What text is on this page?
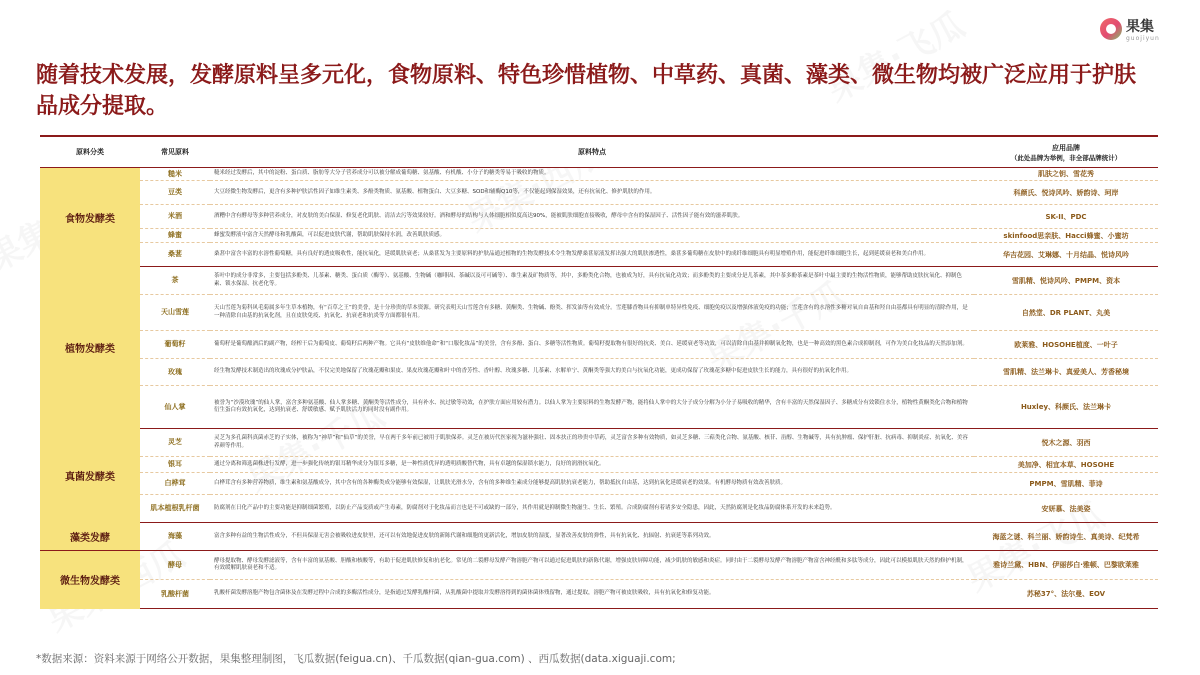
果集
guojiyun
随着技术发展，发酵原料呈多元化，食物原料、特色珍惜植物、中草药、真菌、藻类、微生物均被广泛应用于护肤品成分提取。
原料分类	常见原料	原料特点	应用品牌
（此处品牌为举例，非全部品牌统计）

食物发酵类	糙米	糙米经过发酵后，其中的淀粉、蛋白质、脂肪等大分子营养成分可以被分解成葡萄糖、氨基酸、有机酸、小分子的糖类等易于吸收的物质。	肌肤之钥、雪花秀
	豆类	大豆经微生物发酵后，更含有多种护肤活性因子如维生素类、多酚类物质、氨基酸、植物蛋白、大豆多糖、SOD和辅酶Q10等，不仅能起到保湿效果，还有抗氧化、修护肌肤的作用。	科颜氏、悦诗风吟、娇韵诗、珂岸
	米酒	酒糟中含有酵母等多种营养成分，对皮肤的美白保湿、修复老化肌肤、清洁去污等效果较好。酒和酵母的结构与人体细胞相似度高达90%，能被肌肤细胞直接吸收，酵母中含有的保湿因子、活性因子能有效的滋养肌肤。	SK-II、PDC
	蜂蜜	蜂蜜发酵液中富含天然酵母和乳酸菌，可以促进皮肤代谢，帮助肌肤保持水润，改善肌肤质感。	skinfood思亲肤、Hacci蜂蜜、小蜜坊
	桑葚	桑葚中富含丰富的水溶性葡萄糖，具有良好的透皮吸收性，能抗氧化，延缓肌肤衰老；从桑葚发为主要原料的护肤品通过植物的生物发酵技术令生物发酵桑葚原液发挥出强大的肌肤渗透性，桑葚多葡萄糖在皮肤中的成纤维细胞具有明显增殖作用，能促进纤维细胞生长，起到延缓衰老和美白作用。	华吉花园、艾琳娜、十月结晶、悦诗风吟
植物发酵类	茶	茶叶中的成分非常多，主要包括多酚类、儿茶素、糖类、蛋白质（酶等）、氨基酸、生物碱（咖啡因、茶碱以及可可碱等）、维生素及矿物质等，其中，多酚类化合物，也被成为好，具有抗氧化功效；而多酚类的主要成分是儿茶素，其中茶多酚茶素是茶叶中最主要的生物活性物质，能够帮助皮肤抗氧化、抑制色素、锁水保湿、抗老化等。	雪肌精、悦诗风吟、PMPM、资本
	天山雪莲	天山雪莲为菊科风毛菊属多年生草本植物，有“百草之王”的美誉，是十分珍贵的草本资源。研究表明天山雪莲含有多糖、黄酮类、生物碱、酚类、挥发油等有效成分。雪莲膝香物具有抑制单特异性免疫、细胞免疫以及增强体液免疫的功能；雪莲含有的水溶性多糖对氧自由基和羟自由基都具有明显的清除作用，是一种清除自由基的抗氧化剂，且在皮肤免疫、抗氧化、抗衰老和抗炎等方面都很有用。	自然堂、DR PLANT、丸美
	葡萄籽	葡萄籽是葡萄酿酒后的副产物，经榨干后为葡萄皮、葡萄籽后两种产物。它具有“皮肤维他命”和“口服化妆品”的美誉，含有多酚、蛋白、多糖等活性物质。葡萄籽提取物有很好的抗炎、美白、延缓衰老等功效，可以清除自由基并抑制氧化物，也是一种高效的黑色素合成抑制剂，可作为美白化妆品的天然添加剂。	欧莱雅、HOSOHE植度、一叶子
	玫瑰	经生物发酵技术制造出的玫瑰成分护肤品，不仅完美地保留了玫瑰花瓣和果皮、果皮玫瑰花瓣和叶中的香芳性、香叶醇、玫瑰多糖、儿茶素、水解单宁、黄酮类等强大的美白与抗氧化功能，更成功保留了玫瑰花多糖中促进皮肤生长的能力，具有很好的抗氧化作用。	雪肌精、法兰琳卡、真爱美人、芳香秘境
	仙人掌	被誉为“沙漠玫瑰”的仙人掌，富含多种氨基酸、仙人掌多糖、黄酮类等活性成分，具有补水、抗过敏等功效，在护肤方面应用较有潜力。以仙人掌为主要原料的生物发酵产物，能将仙人掌中的大分子成分分解为小分子易吸收的精华，含有丰富的天然保湿因子、多糖成分有效锁住水分，植物性黄酮类化合物和植物衍生蛋白有效抗氧化，达到抗衰老、舒缓敏感、赋予肌肤活力的同时没有副作用。	Huxley、科颜氏、法兰琳卡
真菌发酵类	灵芝	灵芝为多孔菌科真菌赤芝的子实体，被称为“神草”和“仙草”的美誉，早在两千多年前已被用于肌肤保养。灵芝在被历代医家视为滋补强壮、固本扶正的珍贵中草药，灵芝富含多种有效物质，如灵芝多糖、三萜类化合物、氨基酸、核苷、甾醇、生物碱等，具有抗肿瘤、保护肝脏、抗病毒、抑制炎症、抗氧化、美容养颜等作用。	悦木之源、羽西
	银耳	通过分离和筛选菌株进行发酵，进一步强化传统的银耳精华成分为银耳多糖，是一种性质优异的透明质酸替代物，具有卓越的保湿锁水能力，良好的润滑抗氧化。	美加净、相宜本草、HOSOHE
	白桦茸	白桦茸含有多种营养物质，维生素和氨基酸成分，其中含有的各种酶类成分能够有效保湿，让肌肤光滑水分，含有的多种维生素成分能够提高肌肤抗衰老能力，帮助抵抗自由基，达到抗氧化延缓衰老的效果。有机酵母物质有效改善肤质。	PMPM、雪肌精、菲诗
	肌本植根乳杆菌	防腐剂在日化产品中的主要功能是抑制细菌繁殖，以防止产品变质或产生毒素，防腐剂对于化妆品而言也是不可或缺的一部分，其作用就是抑制微生物滋生、生长、繁殖。合成防腐剂有着诸多安全隐患，因此，天然防腐剂是化妆品防腐体系开发的未来趋势。	安妍慕、法美姿
藻类发酵	海藻	富含多种有益的生物活性成分，不但具保湿无害会被吸收进皮肤里，还可以有效地促进皮肤的新陈代谢和细胞的更新活化，增加皮肤的湿度，显著改善皮肤的弹性，具有抗氧化、抗辐射、抗衰延等系列功效。	海蓝之谜、科兰丽、娇韵诗生、真美诗、纪梵希
微生物发酵类	酵母	酵母提取物、酵母发酵滤液等，含有丰富的氨基酸、胆酸和核酸等，有助于促进肌肤修复和抗老化。常见的二裂酵母发酵产物溶胞产物可以通过促进肌肤的新陈代谢，增强皮肤屏障功能，减少肌肤的敏感和炎症。同时由于二裂酵母发酵产物溶胞产物富含神经酰和多肽等成分，因此可以模拟肌肤天然的修护机制，有效缓解肌肤衰老和不适。	雅诗兰黛、HBN、伊丽莎白·雅顿、巴黎欧莱雅
	乳酸杆菌	乳酸杆菌发酵溶胞产物包含菌体及在发酵过程中合成的多酶活性成分，是指通过发酵乳酸杆菌，从乳酸菌中提取并发酵溶得到的菌体菌体残留物，通过提取，溶胞产物可被皮肤吸收，具有抗氧化和修复功能。	苏秘37°、法尔曼、EOV
*数据来源：资料来源于网络公开数据，果集整理制图，飞瓜数据(feigua.cn)、千瓜数据(qian-gua.com) 、西瓜数据(data.xiguaji.com;
